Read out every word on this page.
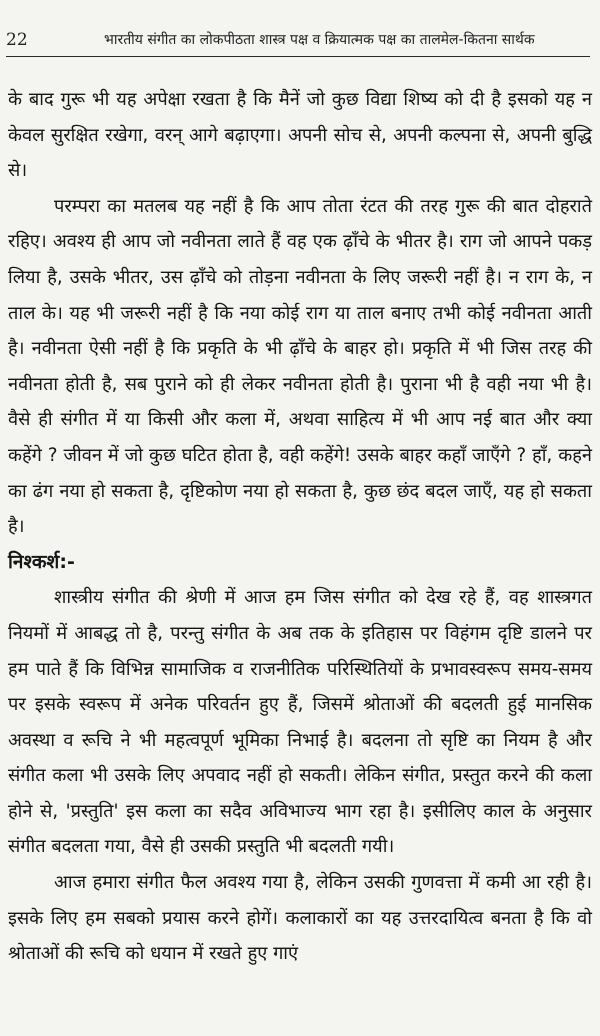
22	भारतीय संगीत का लोकपीठता शास्त्र पक्ष व क्रियात्मक पक्ष का तालमेल-कितना सार्थक

के बाद गुरू भी यह अपेक्षा रखता है कि मैनें जो कुछ विद्या शिष्य को दी है इसको यह न केवल सुरक्षित रखेगा, वरन् आगे बढ़ाएगा। अपनी सोच से, अपनी कल्पना से, अपनी बुद्धि से।

परम्परा का मतलब यह नहीं है कि आप तोता रंटत की तरह गुरू की बात दोहराते रहिए। अवश्य ही आप जो नवीनता लाते हैं वह एक ढ़ाँचे के भीतर है। राग जो आपने पकड़ लिया है, उसके भीतर, उस ढ़ाँचे को तोड़ना नवीनता के लिए जरूरी नहीं है। न राग के, न ताल के। यह भी जरूरी नहीं है कि नया कोई राग या ताल बनाए तभी कोई नवीनता आती है। नवीनता ऐसी नहीं है कि प्रकृति के भी ढ़ाँचे के बाहर हो। प्रकृति में भी जिस तरह की नवीनता होती है, सब पुराने को ही लेकर नवीनता होती है। पुराना भी है वही नया भी है। वैसे ही संगीत में या किसी और कला में, अथवा साहित्य में भी आप नई बात और क्या कहेंगे ? जीवन में जो कुछ घटित होता है, वही कहेंगे! उसके बाहर कहाँ जाएँगे ? हाँ, कहने का ढंग नया हो सकता है, दृष्टिकोण नया हो सकता है, कुछ छंद बदल जाएँ, यह हो सकता है।

निश्कर्श:-

शास्त्रीय संगीत की श्रेणी में आज हम जिस संगीत को देख रहे हैं, वह शास्त्रगत नियमों में आबद्ध तो है, परन्तु संगीत के अब तक के इतिहास पर विहंगम दृष्टि डालने पर हम पाते हैं कि विभिन्न सामाजिक व राजनीतिक परिस्थितियों के प्रभावस्वरूप समय-समय पर इसके स्वरूप में अनेक परिवर्तन हुए हैं, जिसमें श्रोताओं की बदलती हुई मानसिक अवस्था व रूचि ने भी महत्वपूर्ण भूमिका निभाई है। बदलना तो सृष्टि का नियम है और संगीत कला भी उसके लिए अपवाद नहीं हो सकती। लेकिन संगीत, प्रस्तुत करने की कला होने से, 'प्रस्तुति' इस कला का सदैव अविभाज्य भाग रहा है। इसीलिए काल के अनुसार संगीत बदलता गया, वैसे ही उसकी प्रस्तुति भी बदलती गयी।

आज हमारा संगीत फैल अवश्य गया है, लेकिन उसकी गुणवत्ता में कमी आ रही है। इसके लिए हम सबको प्रयास करने होगें। कलाकारों का यह उत्तरदायित्व बनता है कि वो श्रोताओं की रूचि को धयान में रखते हुए गाएं
